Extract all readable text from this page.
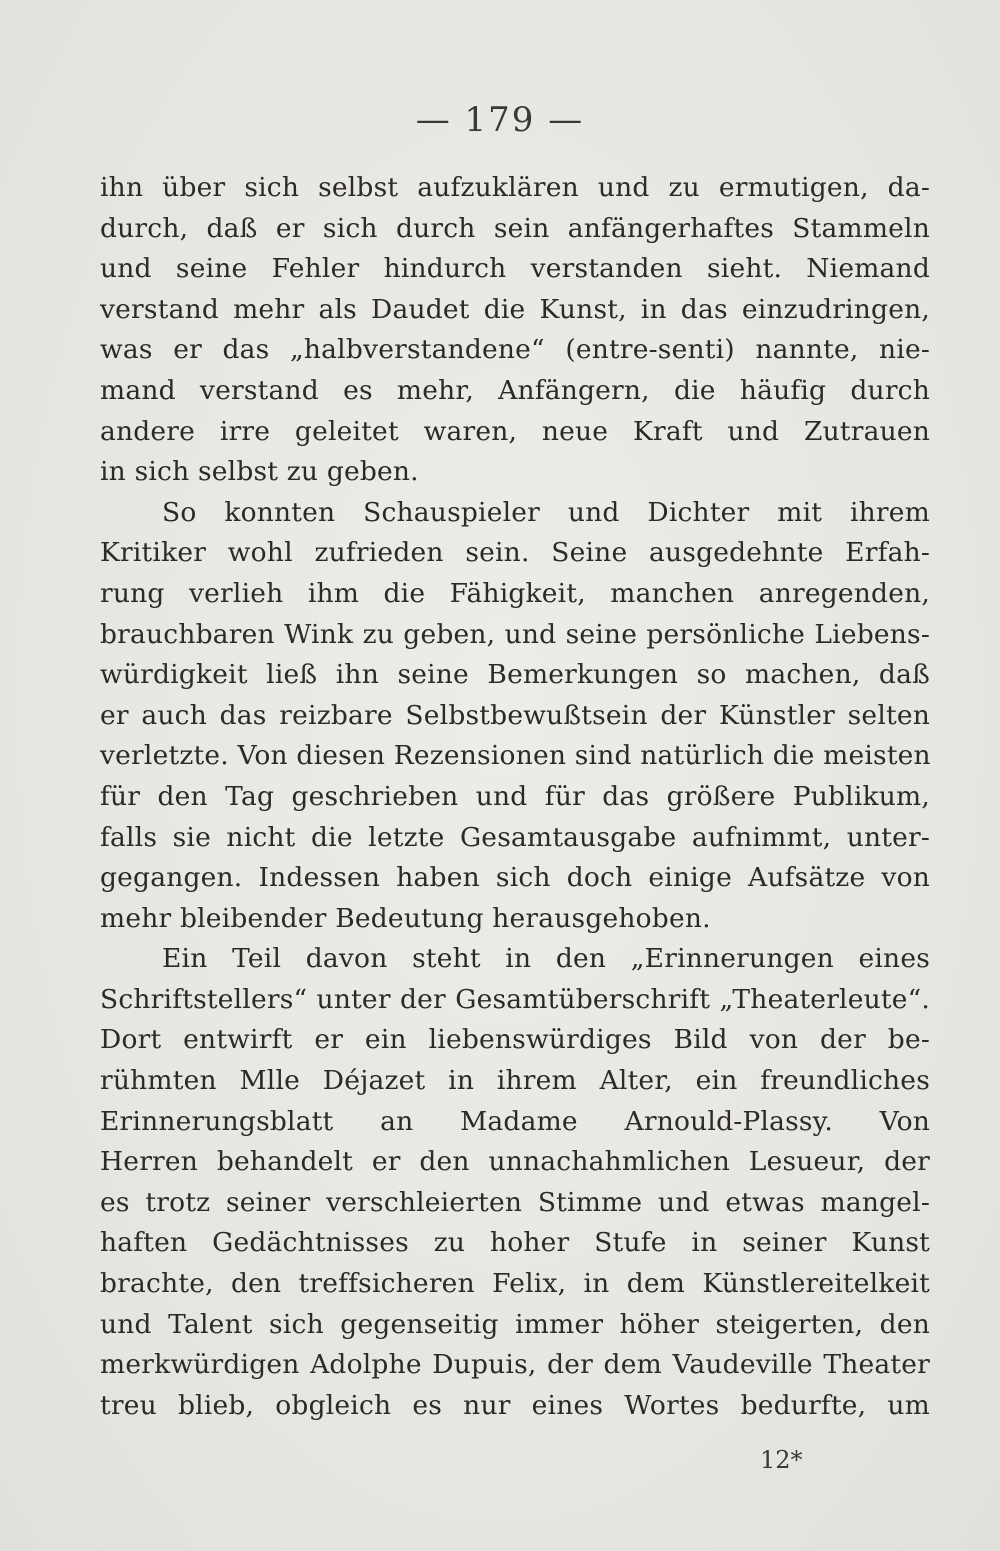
— 179 —
ihn über sich selbst aufzuklären und zu ermutigen, da-
durch, daß er sich durch sein anfängerhaftes Stammeln
und seine Fehler hindurch verstanden sieht. Niemand
verstand mehr als Daudet die Kunst, in das einzudringen,
was er das „halbverstandene“ (entre-senti) nannte, nie-
mand verstand es mehr, Anfängern, die häufig durch
andere irre geleitet waren, neue Kraft und Zutrauen
in sich selbst zu geben.
So konnten Schauspieler und Dichter mit ihrem
Kritiker wohl zufrieden sein. Seine ausgedehnte Erfah-
rung verlieh ihm die Fähigkeit, manchen anregenden,
brauchbaren Wink zu geben, und seine persönliche Liebens-
würdigkeit ließ ihn seine Bemerkungen so machen, daß
er auch das reizbare Selbstbewußtsein der Künstler selten
verletzte. Von diesen Rezensionen sind natürlich die meisten
für den Tag geschrieben und für das größere Publikum,
falls sie nicht die letzte Gesamtausgabe aufnimmt, unter-
gegangen. Indessen haben sich doch einige Aufsätze von
mehr bleibender Bedeutung herausgehoben.
Ein Teil davon steht in den „Erinnerungen eines
Schriftstellers“ unter der Gesamtüberschrift „Theaterleute“.
Dort entwirft er ein liebenswürdiges Bild von der be-
rühmten Mlle Déjazet in ihrem Alter, ein freundliches
Erinnerungsblatt an Madame Arnould-Plassy. Von
Herren behandelt er den unnachahmlichen Lesueur, der
es trotz seiner verschleierten Stimme und etwas mangel-
haften Gedächtnisses zu hoher Stufe in seiner Kunst
brachte, den treffsicheren Felix, in dem Künstlereitelkeit
und Talent sich gegenseitig immer höher steigerten, den
merkwürdigen Adolphe Dupuis, der dem Vaudeville Theater
treu blieb, obgleich es nur eines Wortes bedurfte, um
12*
